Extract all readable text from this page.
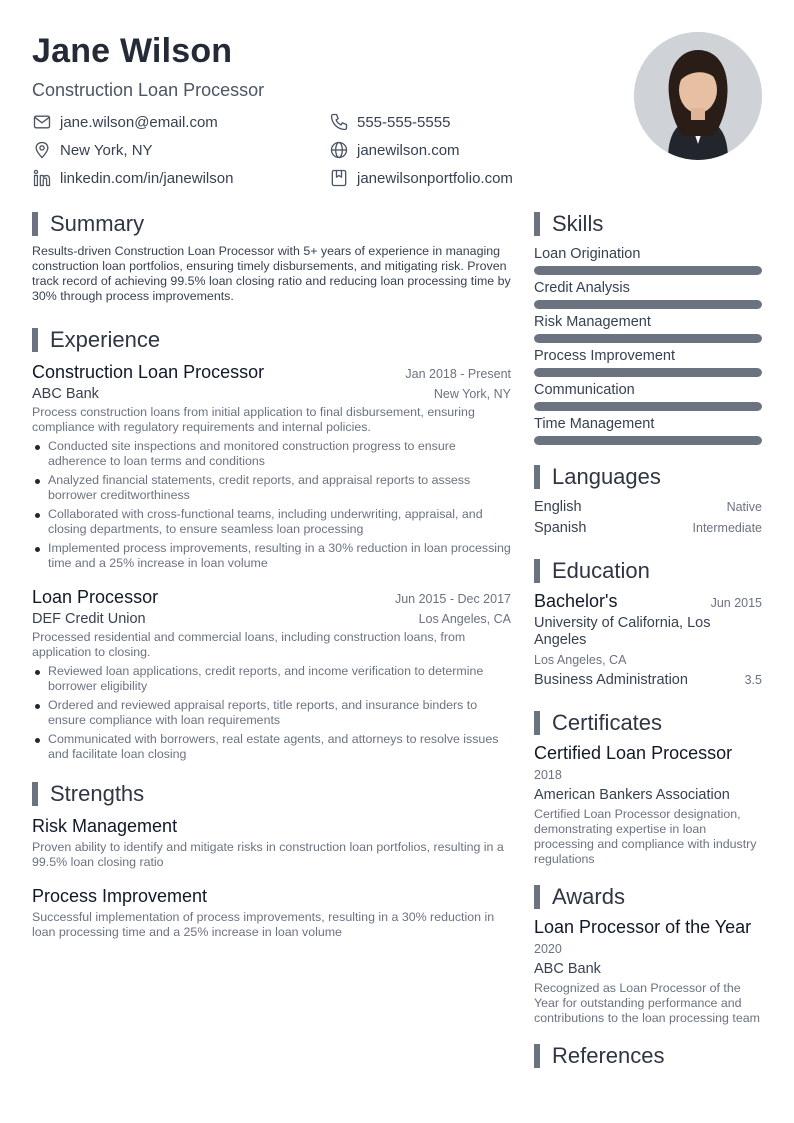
Jane Wilson
Construction Loan Processor
jane.wilson@email.com	555-555-5555
New York, NY	janewilson.com
linkedin.com/in/janewilson	janewilsonportfolio.com
Summary

Results-driven Construction Loan Processor with 5+ years of experience in managing construction loan portfolios, ensuring timely disbursements, and mitigating risk. Proven track record of achieving 99.5% loan closing ratio and reducing loan processing time by 30% through process improvements.

Experience
Construction Loan Processor	Jan 2018 - Present
ABC Bank	New York, NY
Process construction loans from initial application to final disbursement, ensuring compliance with regulatory requirements and internal policies.
Conducted site inspections and monitored construction progress to ensure adherence to loan terms and conditions
Analyzed financial statements, credit reports, and appraisal reports to assess borrower creditworthiness
Collaborated with cross-functional teams, including underwriting, appraisal, and closing departments, to ensure seamless loan processing
Implemented process improvements, resulting in a 30% reduction in loan processing time and a 25% increase in loan volume
Loan Processor	Jun 2015 - Dec 2017
DEF Credit Union	Los Angeles, CA
Processed residential and commercial loans, including construction loans, from application to closing.
Reviewed loan applications, credit reports, and income verification to determine borrower eligibility
Ordered and reviewed appraisal reports, title reports, and insurance binders to ensure compliance with loan requirements
Communicated with borrowers, real estate agents, and attorneys to resolve issues and facilitate loan closing
Strengths
Risk Management
Proven ability to identify and mitigate risks in construction loan portfolios, resulting in a 99.5% loan closing ratio
Process Improvement
Successful implementation of process improvements, resulting in a 30% reduction in loan processing time and a 25% increase in loan volume
Skills
Loan Origination
Credit Analysis
Risk Management
Process Improvement
Communication
Time Management
Languages
English	Native
Spanish	Intermediate
Education
Bachelor's	Jun 2015
University of California, Los Angeles
Los Angeles, CA
Business Administration	3.5
Certificates
Certified Loan Processor
2018
American Bankers Association
Certified Loan Processor designation, demonstrating expertise in loan processing and compliance with industry regulations
Awards
Loan Processor of the Year
2020
ABC Bank
Recognized as Loan Processor of the Year for outstanding performance and contributions to the loan processing team
References
